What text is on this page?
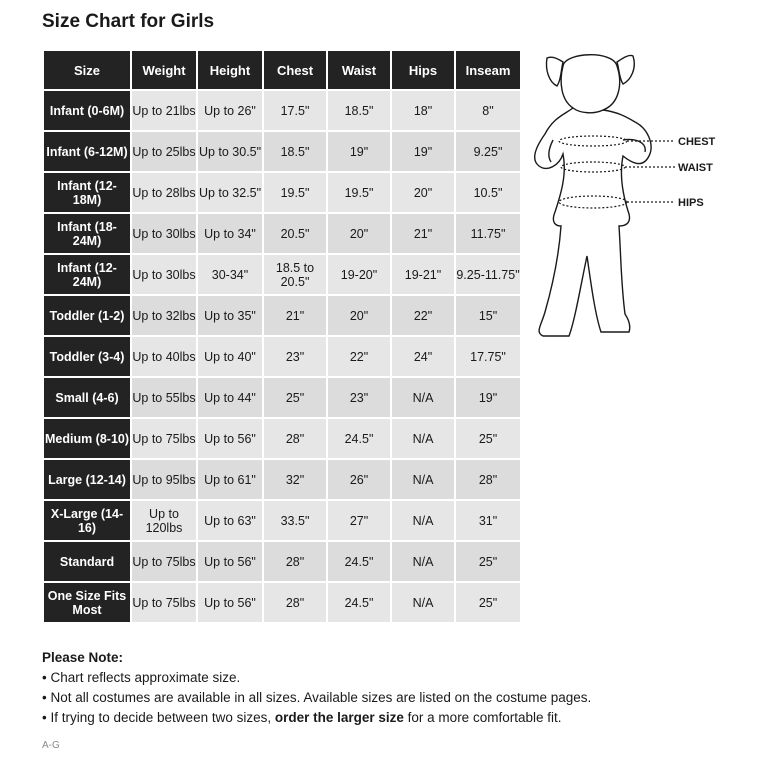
Size Chart for Girls
Size	Weight	Height	Chest	Waist	Hips	Inseam
Infant (0-6M)	Up to 21lbs	Up to 26"	17.5"	18.5"	18"	8"
Infant (6-12M)	Up to 25lbs	Up to 30.5"	18.5"	19"	19"	9.25"
Infant (12-18M)	Up to 28lbs	Up to 32.5"	19.5"	19.5"	20"	10.5"
Infant (18-24M)	Up to 30lbs	Up to 34"	20.5"	20"	21"	11.75"
Infant (12-24M)	Up to 30lbs	30-34"	18.5 to 20.5"	19-20"	19-21"	9.25-11.75"
Toddler (1-2)	Up to 32lbs	Up to 35"	21"	20"	22"	15"
Toddler (3-4)	Up to 40lbs	Up to 40"	23"	22"	24"	17.75"
Small (4-6)	Up to 55lbs	Up to 44"	25"	23"	N/A	19"
Medium (8-10)	Up to 75lbs	Up to 56"	28"	24.5"	N/A	25"
Large (12-14)	Up to 95lbs	Up to 61"	32"	26"	N/A	28"
X-Large (14-16)	Up to 120lbs	Up to 63"	33.5"	27"	N/A	31"
Standard	Up to 75lbs	Up to 56"	28"	24.5"	N/A	25"
One Size Fits Most	Up to 75lbs	Up to 56"	28"	24.5"	N/A	25"
CHEST
WAIST
HIPS
Please Note:
• Chart reflects approximate size.
• Not all costumes are available in all sizes. Available sizes are listed on the costume pages.
• If trying to decide between two sizes, order the larger size for a more comfortable fit.
A-G
